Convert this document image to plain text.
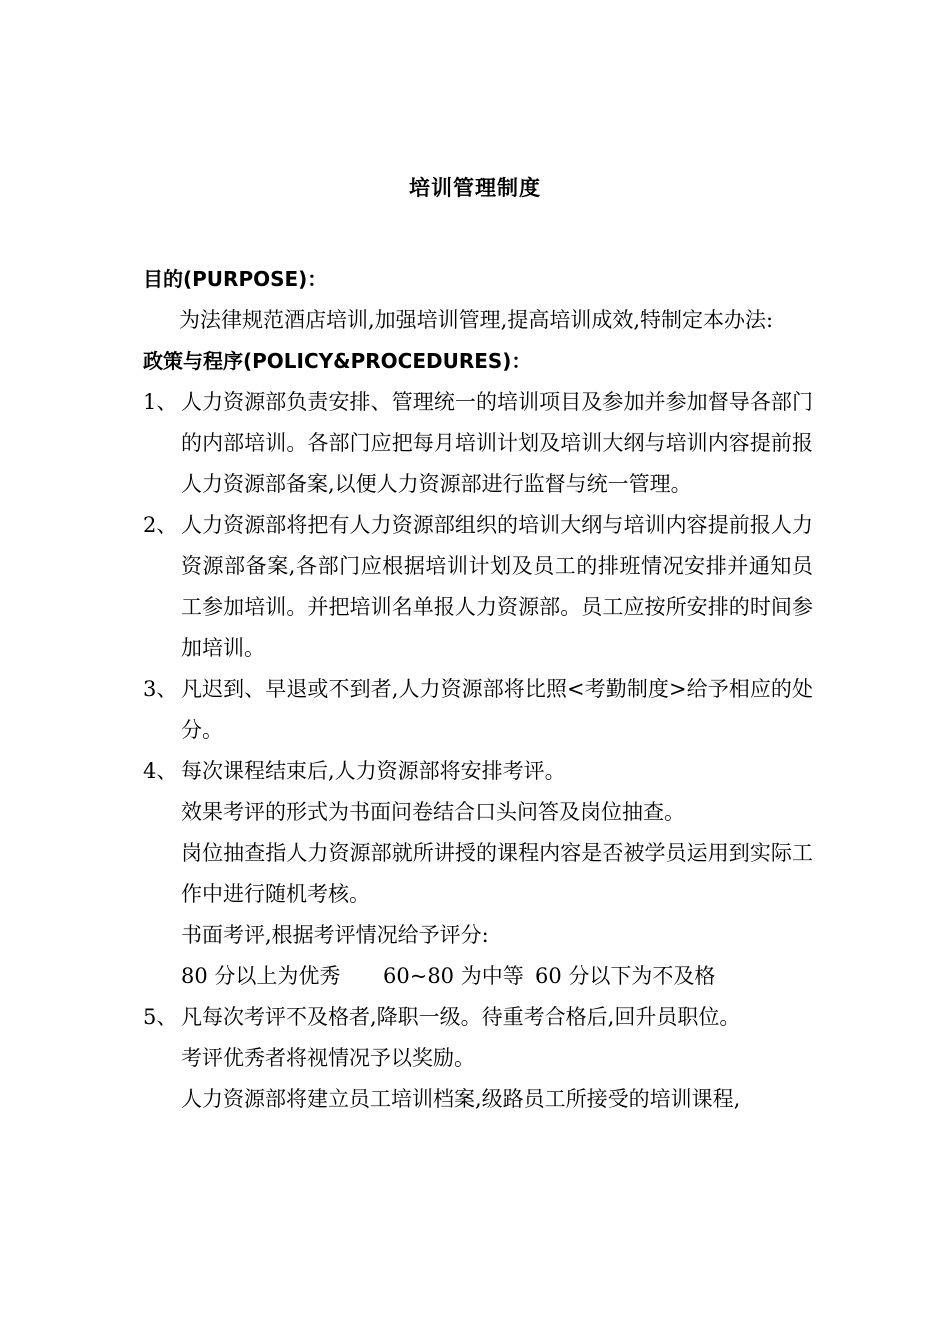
培训管理制度
目的(PURPOSE)：
为法律规范酒店培训,加强培训管理,提高培训成效,特制定本办法:
政策与程序(POLICY&PROCEDURES)：
1、 人力资源部负责安排、管理统一的培训项目及参加并参加督导各部门的内部培训。各部门应把每月培训计划及培训大纲与培训内容提前报人力资源部备案,以便人力资源部进行监督与统一管理。
2、 人力资源部将把有人力资源部组织的培训大纲与培训内容提前报人力资源部备案,各部门应根据培训计划及员工的排班情况安排并通知员工参加培训。并把培训名单报人力资源部。员工应按所安排的时间参加培训。
3、 凡迟到、早退或不到者,人力资源部将比照<考勤制度>给予相应的处分。
4、 每次课程结束后,人力资源部将安排考评。
效果考评的形式为书面问卷结合口头问答及岗位抽查。
岗位抽查指人力资源部就所讲授的课程内容是否被学员运用到实际工作中进行随机考核。
书面考评,根据考评情况给予评分:
80 分以上为优秀 60~80 为中等 60 分以下为不及格
5、 凡每次考评不及格者,降职一级。待重考合格后,回升员职位。
考评优秀者将视情况予以奖励。
人力资源部将建立员工培训档案,级路员工所接受的培训课程,
